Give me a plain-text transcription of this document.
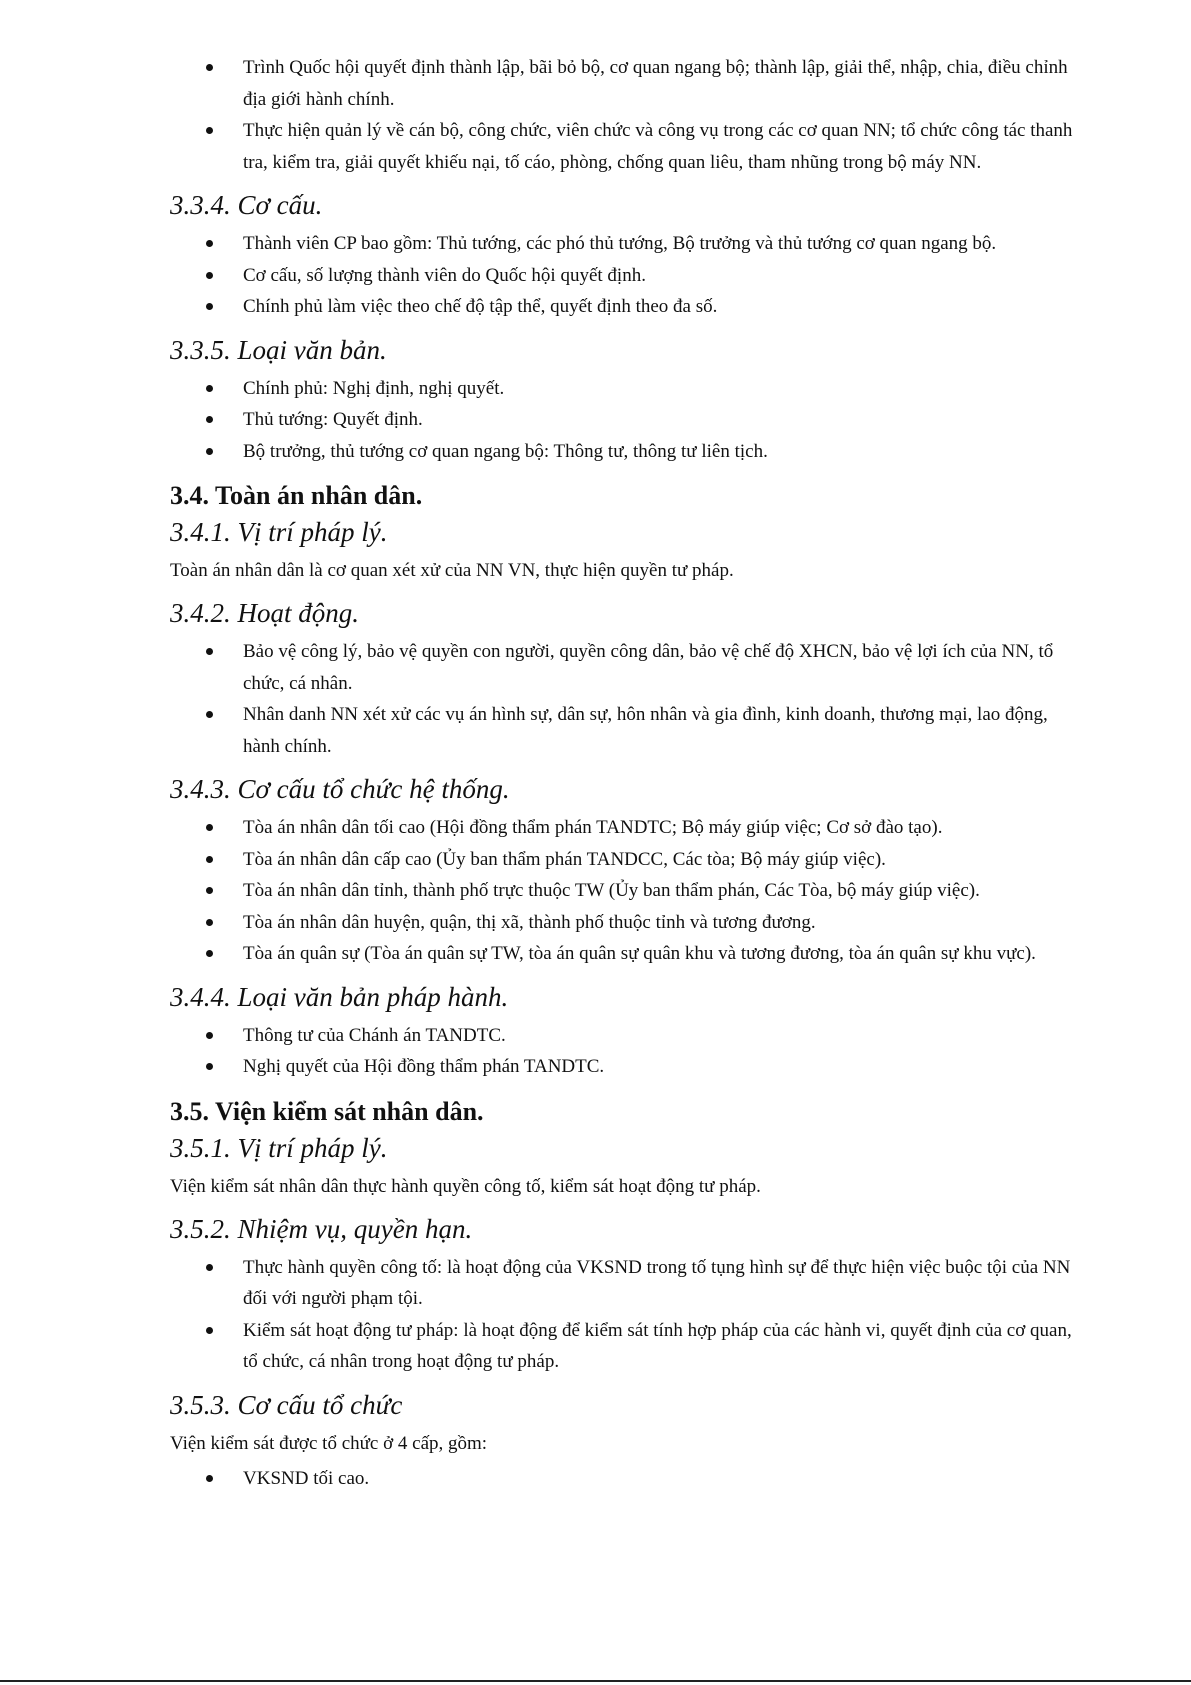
Trình Quốc hội quyết định thành lập, bãi bỏ bộ, cơ quan ngang bộ; thành lập, giải thể, nhập, chia, điều chỉnh địa giới hành chính.
Thực hiện quản lý về cán bộ, công chức, viên chức và công vụ trong các cơ quan NN; tổ chức công tác thanh tra, kiểm tra, giải quyết khiếu nại, tố cáo, phòng, chống quan liêu, tham nhũng trong bộ máy NN.
3.3.4. Cơ cấu.
Thành viên CP bao gồm: Thủ tướng, các phó thủ tướng, Bộ trưởng và thủ tướng cơ quan ngang bộ.
Cơ cấu, số lượng thành viên do Quốc hội quyết định.
Chính phủ làm việc theo chế độ tập thể, quyết định theo đa số.
3.3.5. Loại văn bản.
Chính phủ: Nghị định, nghị quyết.
Thủ tướng: Quyết định.
Bộ trưởng, thủ tướng cơ quan ngang bộ: Thông tư, thông tư liên tịch.
3.4. Toàn án nhân dân.
3.4.1. Vị trí pháp lý.
Toàn án nhân dân là cơ quan xét xử của NN VN, thực hiện quyền tư pháp.
3.4.2. Hoạt động.
Bảo vệ công lý, bảo vệ quyền con người, quyền công dân, bảo vệ chế độ XHCN, bảo vệ lợi ích của NN, tổ chức, cá nhân.
Nhân danh NN xét xử các vụ án hình sự, dân sự, hôn nhân và gia đình, kinh doanh, thương mại, lao động, hành chính.
3.4.3. Cơ cấu tổ chức hệ thống.
Tòa án nhân dân tối cao (Hội đồng thẩm phán TANDTC; Bộ máy giúp việc; Cơ sở đào tạo).
Tòa án nhân dân cấp cao (Ủy ban thẩm phán TANDCC, Các tòa; Bộ máy giúp việc).
Tòa án nhân dân tỉnh, thành phố trực thuộc TW (Ủy ban thẩm phán, Các Tòa, bộ máy giúp việc).
Tòa án nhân dân huyện, quận, thị xã, thành phố thuộc tỉnh và tương đương.
Tòa án quân sự (Tòa án quân sự TW, tòa án quân sự quân khu và tương đương, tòa án quân sự khu vực).
3.4.4. Loại văn bản pháp hành.
Thông tư của Chánh án TANDTC.
Nghị quyết của Hội đồng thẩm phán TANDTC.
3.5. Viện kiểm sát nhân dân.
3.5.1. Vị trí pháp lý.
Viện kiểm sát nhân dân thực hành quyền công tố, kiểm sát hoạt động tư pháp.
3.5.2. Nhiệm vụ, quyền hạn.
Thực hành quyền công tố: là hoạt động của VKSND trong tố tụng hình sự để thực hiện việc buộc tội của NN đối với người phạm tội.
Kiểm sát hoạt động tư pháp: là hoạt động để kiểm sát tính hợp pháp của các hành vi, quyết định của cơ quan, tổ chức, cá nhân trong hoạt động tư pháp.
3.5.3. Cơ cấu tổ chức
Viện kiểm sát được tổ chức ở 4 cấp, gồm:
VKSND tối cao.
